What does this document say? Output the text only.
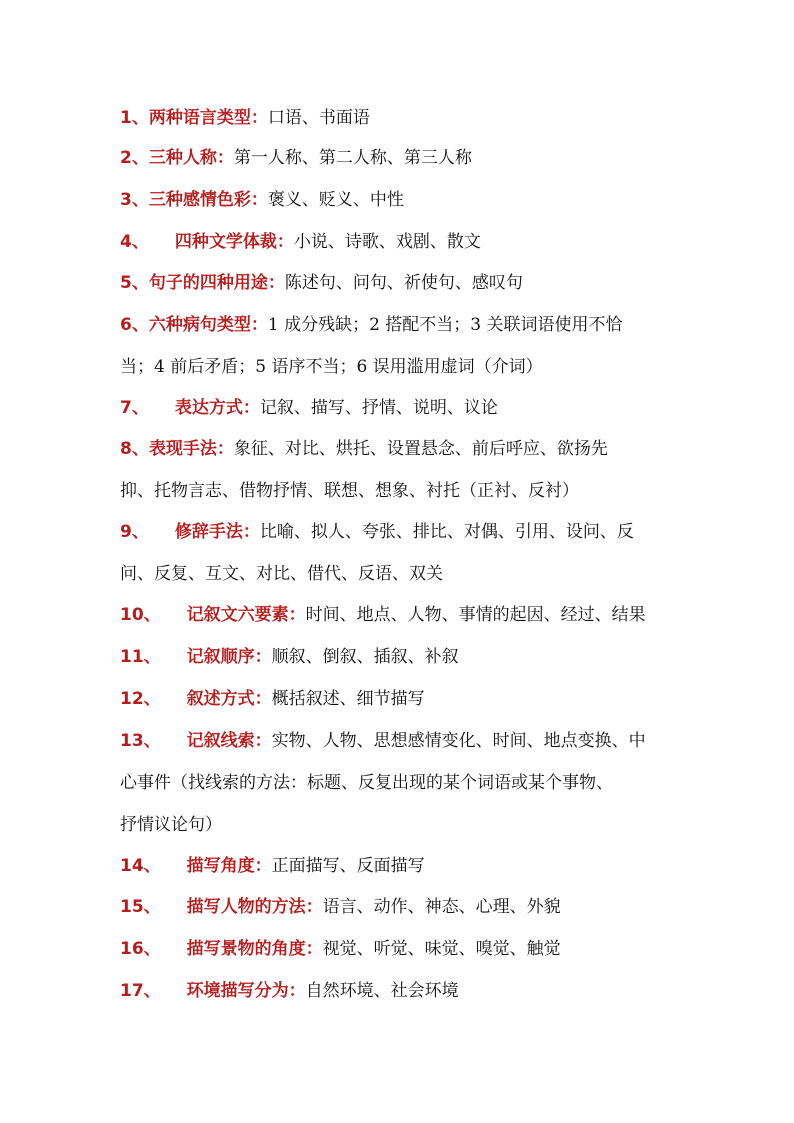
1、两种语言类型：口语、书面语
2、三种人称：第一人称、第二人称、第三人称
3、三种感情色彩：褒义、贬义、中性
4、 四种文学体裁：小说、诗歌、戏剧、散文
5、句子的四种用途：陈述句、问句、祈使句、感叹句
6、六种病句类型：1 成分残缺；2 搭配不当；3 关联词语使用不恰
当；4 前后矛盾；5 语序不当；6 误用滥用虚词（介词）
7、 表达方式：记叙、描写、抒情、说明、议论
8、表现手法：象征、对比、烘托、设置悬念、前后呼应、欲扬先
抑、托物言志、借物抒情、联想、想象、衬托（正衬、反衬）
9、 修辞手法：比喻、拟人、夸张、排比、对偶、引用、设问、反
问、反复、互文、对比、借代、反语、双关
10、 记叙文六要素：时间、地点、人物、事情的起因、经过、结果
11、 记叙顺序：顺叙、倒叙、插叙、补叙
12、 叙述方式：概括叙述、细节描写
13、 记叙线索：实物、人物、思想感情变化、时间、地点变换、中
心事件（找线索的方法：标题、反复出现的某个词语或某个事物、
抒情议论句）
14、 描写角度：正面描写、反面描写
15、 描写人物的方法：语言、动作、神态、心理、外貌
16、 描写景物的角度：视觉、听觉、味觉、嗅觉、触觉
17、 环境描写分为：自然环境、社会环境
